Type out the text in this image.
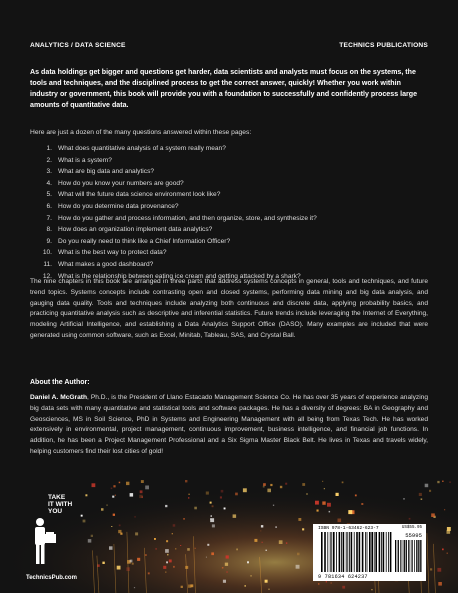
ANALYTICS / DATA SCIENCE	TECHNICS PUBLICATIONS

As data holdings get bigger and questions get harder, data scientists and analysts must focus on the systems, the tools and techniques, and the disciplined process to get the correct answer, quickly! Whether you work within industry or government, this book will provide you with a foundation to successfully and confidently process large amounts of quantitative data.

Here are just a dozen of the many questions answered within these pages:

1. What does quantitative analysis of a system really mean?
2. What is a system?
3. What are big data and analytics?
4. How do you know your numbers are good?
5. What will the future data science environment look like?
6. How do you determine data provenance?
7. How do you gather and process information, and then organize, store, and synthesize it?
8. How does an organization implement data analytics?
9. Do you really need to think like a Chief Information Officer?
10. What is the best way to protect data?
11. What makes a good dashboard?
12. What is the relationship between eating ice cream and getting attacked by a shark?

The nine chapters in this book are arranged in three parts that address systems concepts in general, tools and techniques, and future trend topics. Systems concepts include contrasting open and closed systems, performing data mining and big data analysis, and gauging data quality. Tools and techniques include analyzing both continuous and discrete data, applying probability basics, and practicing quantitative analysis such as descriptive and inferential statistics. Future trends include leveraging the Internet of Everything, modeling Artificial Intelligence, and establishing a Data Analytics Support Office (DASO). Many examples are included that were generated using common software, such as Excel, Minitab, Tableau, SAS, and Crystal Ball.

About the Author:

Daniel A. McGrath, Ph.D., is the President of Llano Estacado Management Science Co. He has over 35 years of experience analyzing big data sets with many quantitative and statistical tools and software packages. He has a diversity of degrees: BA in Geography and Geosciences, MS in Soil Science, PhD in Systems and Engineering Management with all being from Texas Tech. He has worked extensively in environmental, project management, continuous improvement, business intelligence, and financial job functions. In addition, he has been a Project Management Professional and a Six Sigma Master Black Belt. He lives in Texas and travels widely, helping customers find their lost cities of gold!

TAKE
IT WITH
YOU
TechnicsPub.com
ISBN 978-1-63462-623-7	US$55.95
55995
9 781634 624237
